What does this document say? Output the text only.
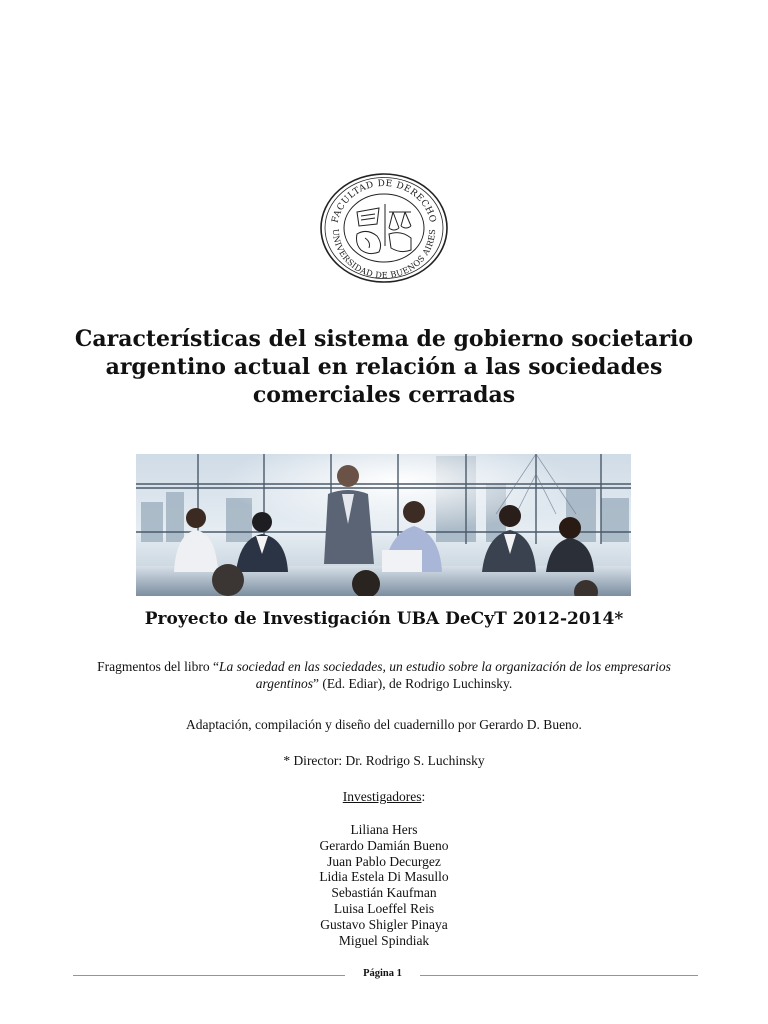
FACULTAD DE DERECHO
UNIVERSIDAD DE BUENOS AIRES
Características del sistema de gobierno societario
argentino actual en relación a las sociedades
comerciales cerradas
Proyecto de Investigación UBA DeCyT 2012-2014*
Fragmentos del libro “La sociedad en las sociedades, un estudio sobre la organización de los empresarios argentinos” (Ed. Ediar), de Rodrigo Luchinsky.
Adaptación, compilación y diseño del cuadernillo por Gerardo D. Bueno.
* Director: Dr. Rodrigo S. Luchinsky
Investigadores:
Liliana Hers
Gerardo Damián Bueno
Juan Pablo Decurgez
Lidia Estela Di Masullo
Sebastián Kaufman
Luisa Loeffel Reis
Gustavo Shigler Pinaya
Miguel Spindiak
Página 1
